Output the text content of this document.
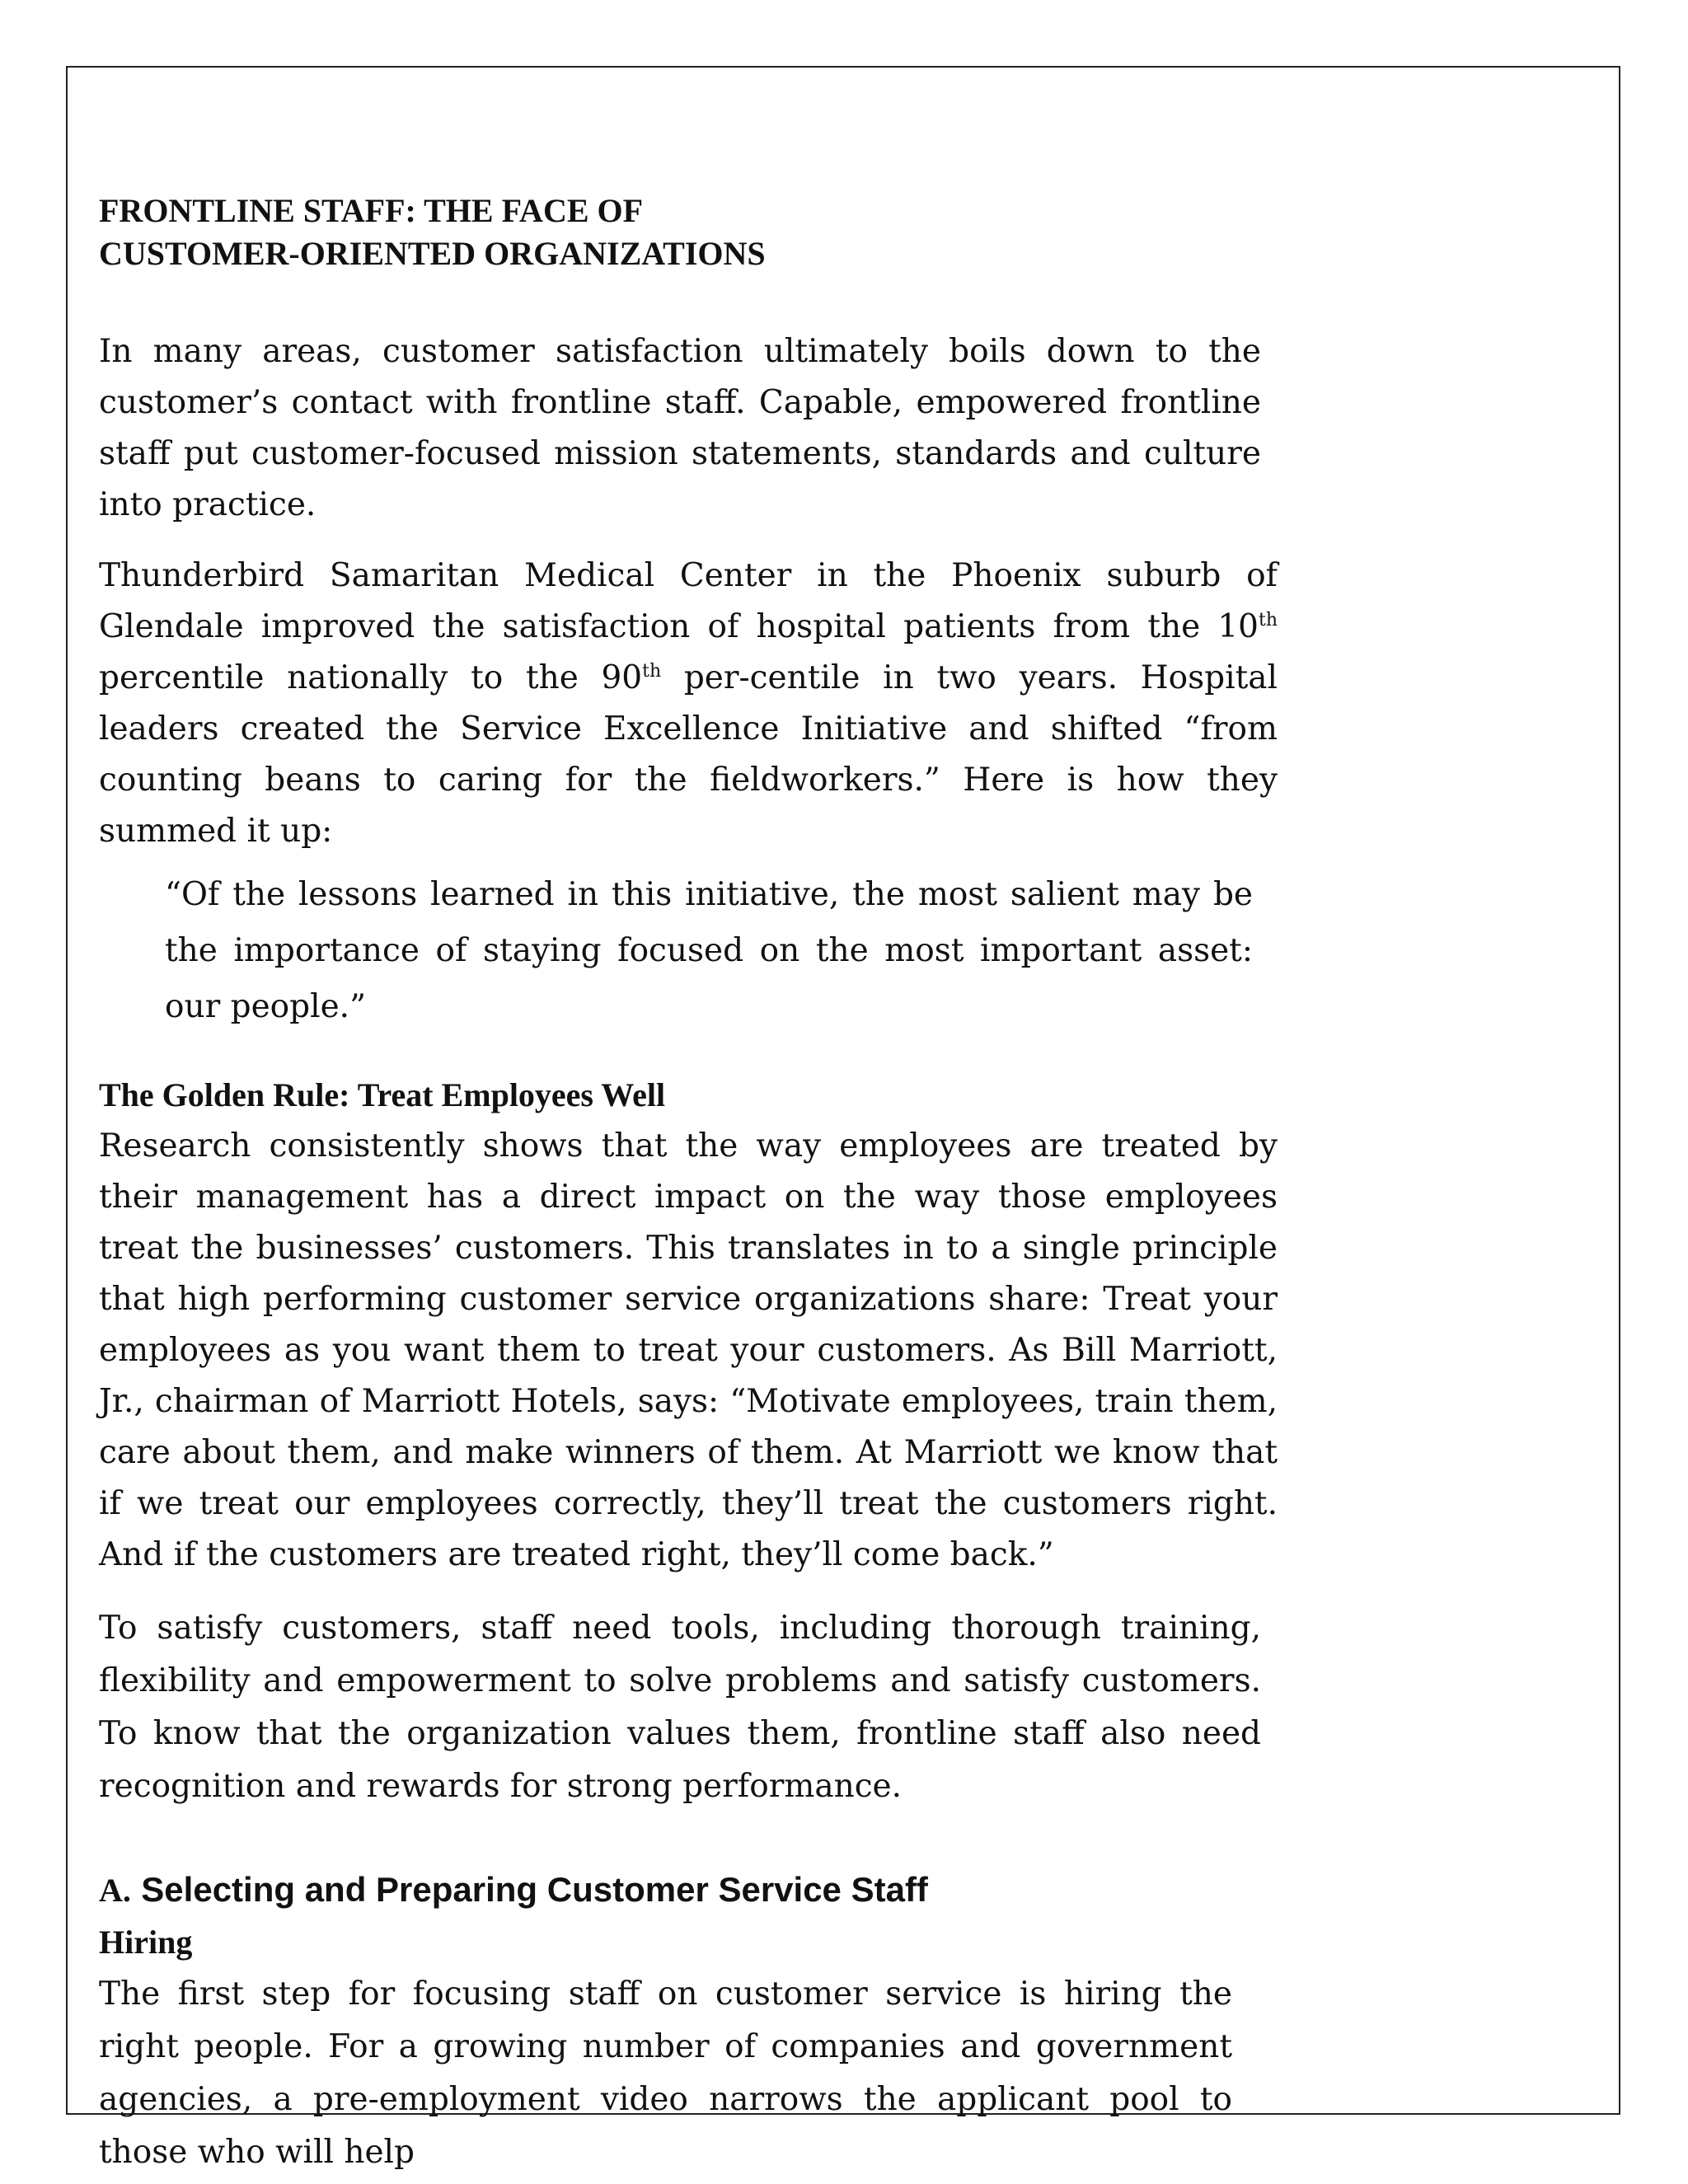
FRONTLINE STAFF: THE FACE OF
CUSTOMER-ORIENTED ORGANIZATIONS

In many areas, customer satisfaction ultimately boils down to the customer’s contact with frontline staff. Capable, empowered frontline staff put customer-focused mission statements, standards and culture into practice.

Thunderbird Samaritan Medical Center in the Phoenix suburb of Glendale improved the satisfaction of hospital patients from the 10th percentile nationally to the 90th per-centile in two years. Hospital leaders created the Service Excellence Initiative and shifted “from counting beans to caring for the fieldworkers.” Here is how they summed it up:

“Of the lessons learned in this initiative, the most salient may be the importance of staying focused on the most important asset: our people.”

The Golden Rule: Treat Employees Well

Research consistently shows that the way employees are treated by their management has a direct impact on the way those employees treat the businesses’ customers. This translates in to a single principle that high performing customer service organizations share: Treat your employees as you want them to treat your customers. As Bill Marriott, Jr., chairman of Marriott Hotels, says: “Motivate employees, train them, care about them, and make winners of them. At Marriott we know that if we treat our employees correctly, they’ll treat the customers right. And if the customers are treated right, they’ll come back.”

To satisfy customers, staff need tools, including thorough training, flexibility and empowerment to solve problems and satisfy customers. To know that the organization values them, frontline staff also need recognition and rewards for strong performance.

A. Selecting and Preparing Customer Service Staff
Hiring

The first step for focusing staff on customer service is hiring the right people. For a growing number of companies and government agencies, a pre-employment video narrows the applicant pool to those who will help
